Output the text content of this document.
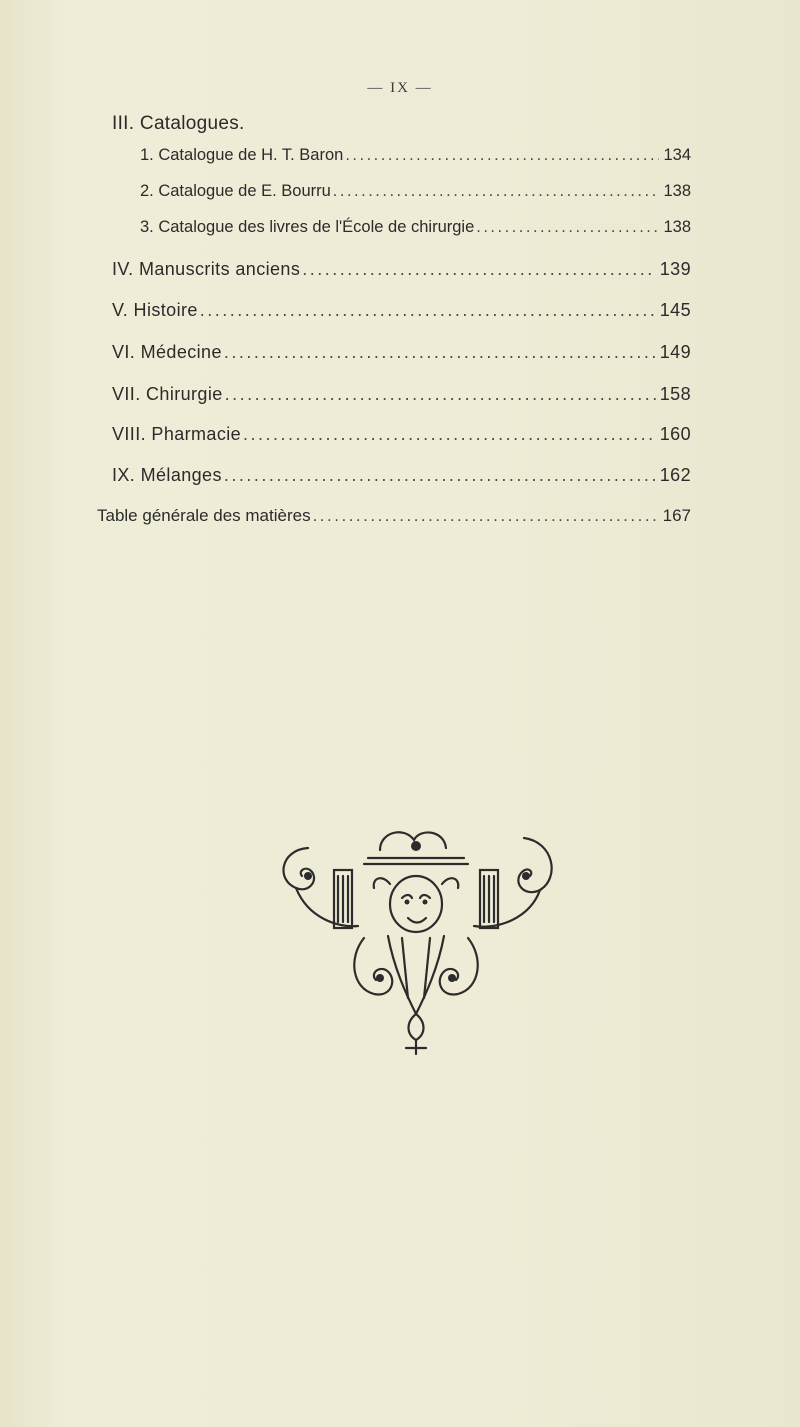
— IX —
III. Catalogues.
1. Catalogue de H. T. Baron .....	134
2. Catalogue de E. Bourru .....	138
3. Catalogue des livres de l'École de chirurgie .....	138
IV. Manuscrits anciens .....	139
V. Histoire .....	145
VI. Médecine .....	149
VII. Chirurgie .....	158
VIII. Pharmacie .....	160
IX. Mélanges .....	162
Table générale des matières .....	167
